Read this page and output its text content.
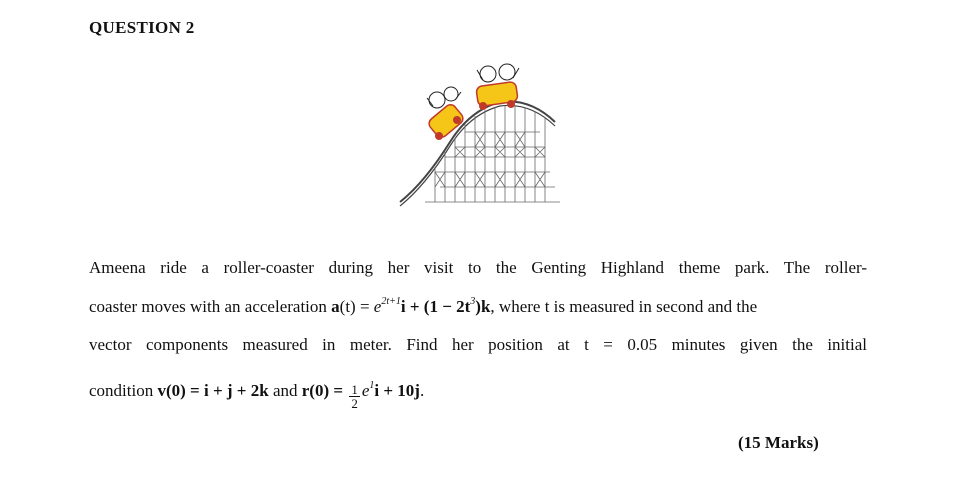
QUESTION 2
Ameena ride a roller-coaster during her visit to the Genting Highland theme park. The roller-
coaster moves with an acceleration $a(t) = e^{2t+1}i + (1 - 2t^3)k$, where t is measured in second and the
vector components measured in meter. Find her position at t = 0.05 minutes given the initial
condition v(0) = i + j + 2k and $r(0) = \frac{1}{2} e^1i + 10j$.
(15 Marks)
